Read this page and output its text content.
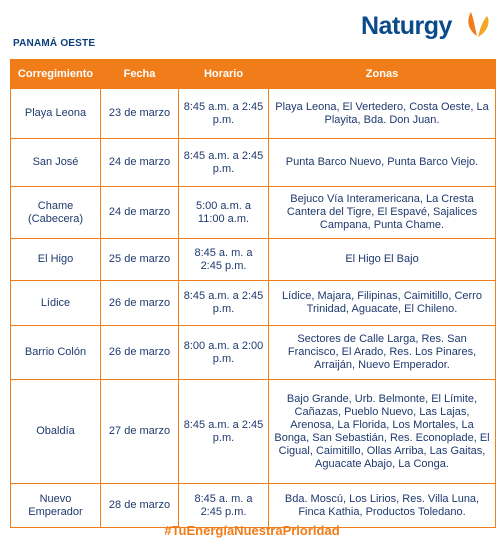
PANAMÁ OESTE
Naturgy
Corregimiento	Fecha	Horario	Zonas
Playa Leona	23 de marzo	8:45 a.m. a 2:45 p.m.	Playa Leona, El Vertedero, Costa Oeste, La Playita, Bda. Don Juan.
San José	24 de marzo	8:45 a.m. a 2:45 p.m.	Punta Barco Nuevo, Punta Barco Viejo.
Chame (Cabecera)	24 de marzo	5:00 a.m. a 11:00 a.m.	Bejuco Vía Interamericana, La Cresta Cantera del Tigre, El Espavé, Sajalices Campana, Punta Chame.
El Higo	25 de marzo	8:45 a. m. a 2:45 p.m.	El Higo El Bajo
Lídice	26 de marzo	8:45 a.m. a 2:45 p.m.	Lídice, Majara, Filipinas, Caimitillo, Cerro Trinidad, Aguacate, El Chileno.
Barrio Colón	26 de marzo	8:00 a.m. a 2:00 p.m.	Sectores de Calle Larga, Res. San Francisco, El Arado, Res. Los Pinares, Arraiján, Nuevo Emperador.
Obaldía	27 de marzo	8:45 a.m. a 2:45 p.m.	Bajo Grande, Urb. Belmonte, El Límite, Cañazas, Pueblo Nuevo, Las Lajas, Arenosa, La Florida, Los Mortales, La Bonga, San Sebastián, Res. Econoplade, El Cigual, Caimitillo, Ollas Arriba, Las Gaitas, Aguacate Abajo, La Conga.
Nuevo Emperador	28 de marzo	8:45 a. m. a 2:45 p.m.	Bda. Moscú, Los Lirios, Res. Villa Luna, Finca Kathia, Productos Toledano.
#TuEnergíaNuestraPrioridad
